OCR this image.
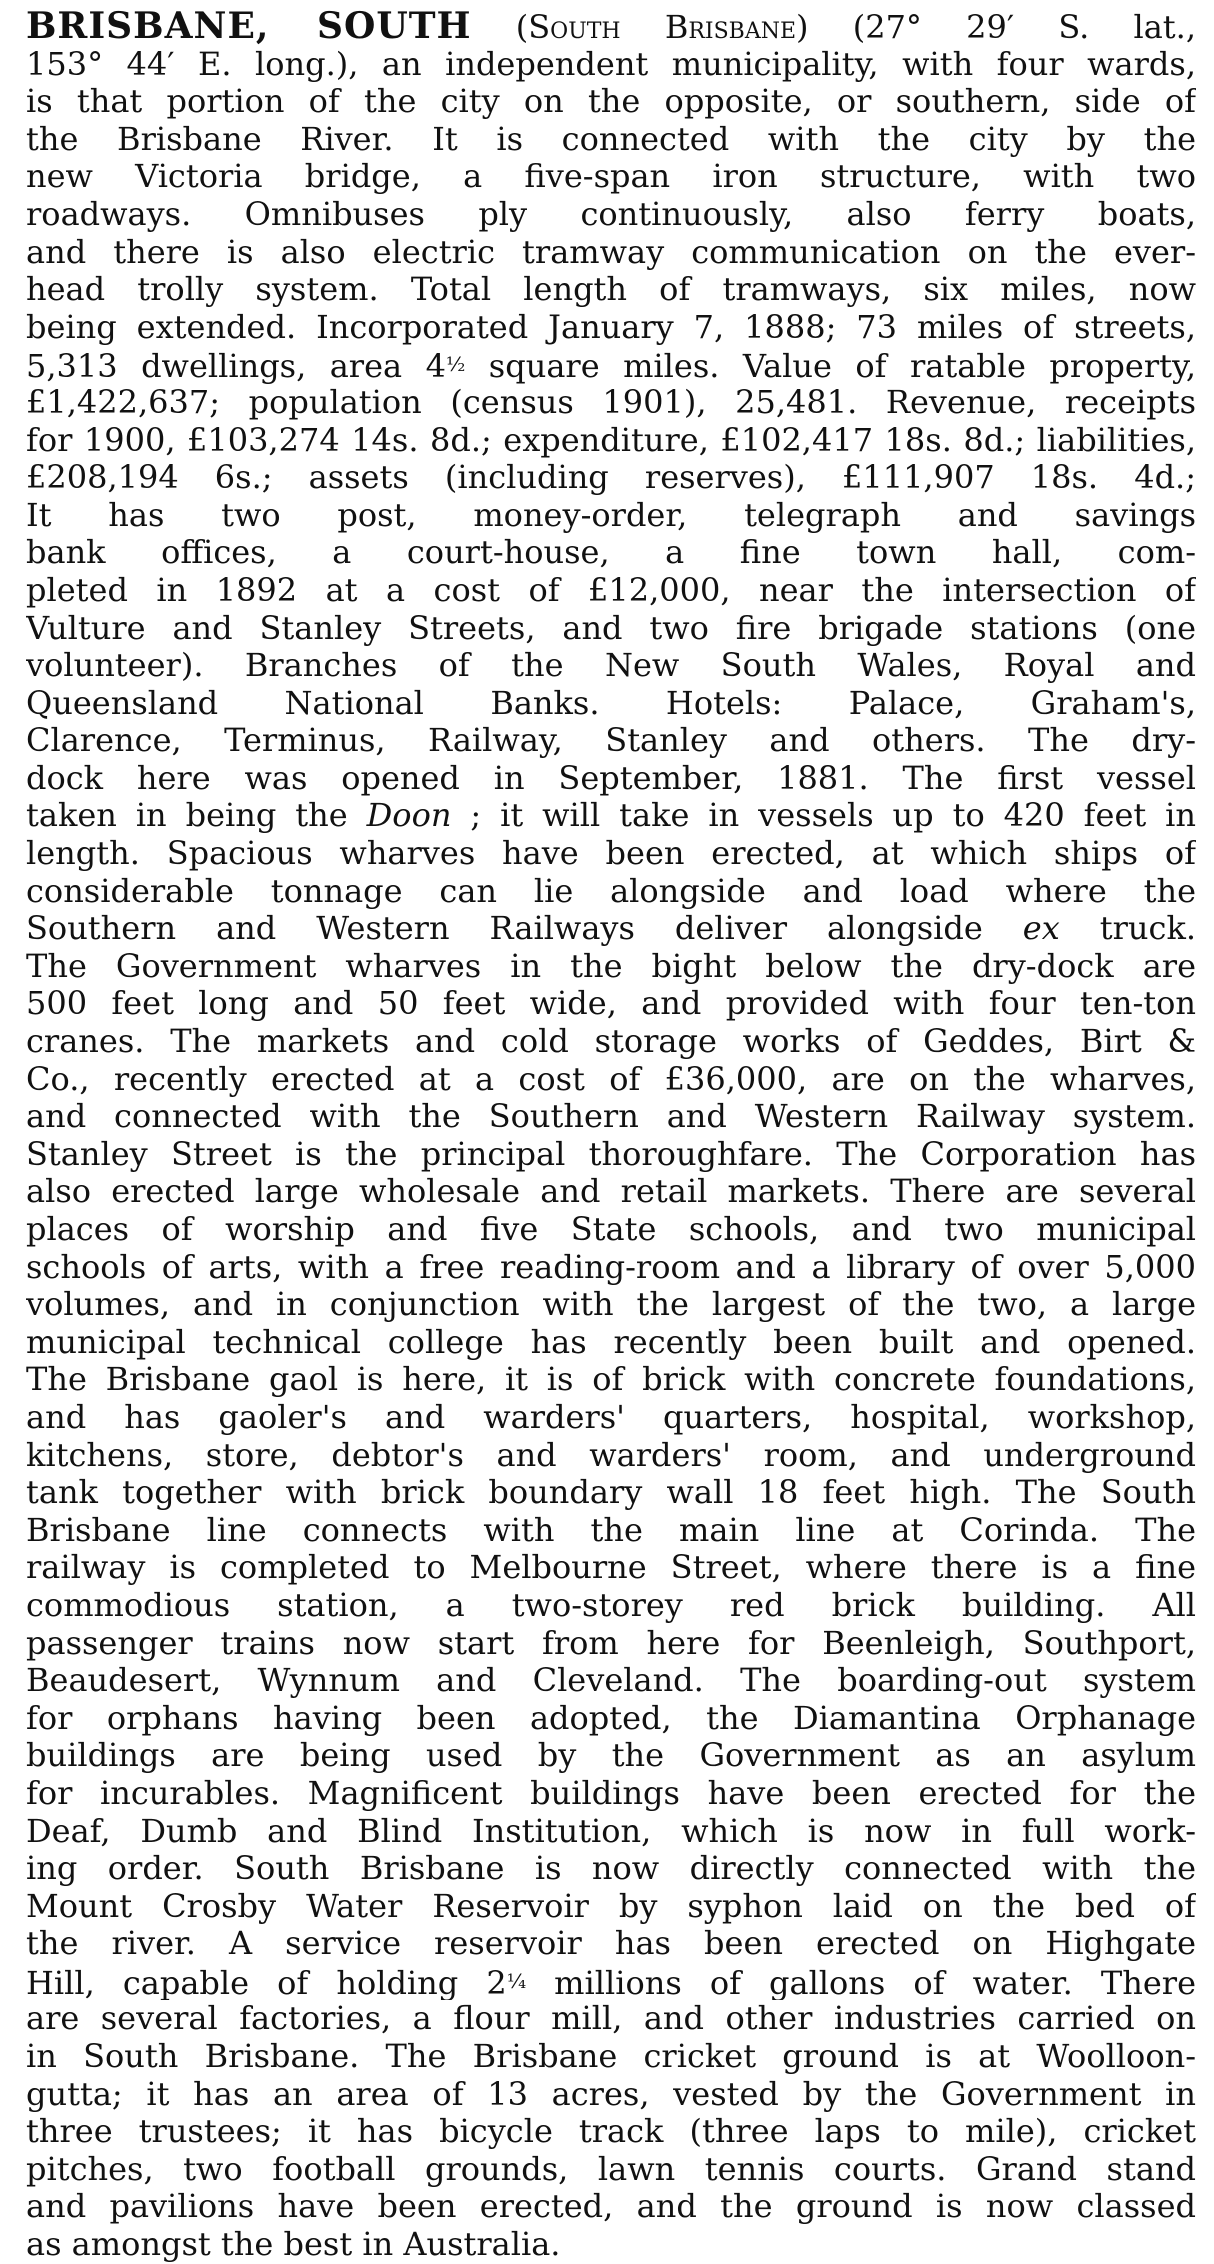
BRISBANE, SOUTH (South Brisbane) (27° 29′ S. lat.,
153° 44′ E. long.), an independent municipality, with four wards,
is that portion of the city on the opposite, or southern, side of
the Brisbane River. It is connected with the city by the
new Victoria bridge, a five-span iron structure, with two
roadways. Omnibuses ply continuously, also ferry boats,
and there is also electric tramway communication on the ever-
head trolly system. Total length of tramways, six miles, now
being extended. Incorporated January 7, 1888; 73 miles of streets,
5,313 dwellings, area 4½ square miles. Value of ratable property,
£1,422,637; population (census 1901), 25,481. Revenue, receipts
for 1900, £103,274 14s. 8d.; expenditure, £102,417 18s. 8d.; liabilities,
£208,194 6s.; assets (including reserves), £111,907 18s. 4d.;
It has two post, money-order, telegraph and savings
bank offices, a court-house, a fine town hall, com-
pleted in 1892 at a cost of £12,000, near the intersection of
Vulture and Stanley Streets, and two fire brigade stations (one
volunteer). Branches of the New South Wales, Royal and
Queensland National Banks. Hotels: Palace, Graham's,
Clarence, Terminus, Railway, Stanley and others. The dry-
dock here was opened in September, 1881. The first vessel
taken in being the Doon ; it will take in vessels up to 420 feet in
length. Spacious wharves have been erected, at which ships of
considerable tonnage can lie alongside and load where the
Southern and Western Railways deliver alongside ex truck.
The Government wharves in the bight below the dry-dock are
500 feet long and 50 feet wide, and provided with four ten-ton
cranes. The markets and cold storage works of Geddes, Birt &
Co., recently erected at a cost of £36,000, are on the wharves,
and connected with the Southern and Western Railway system.
Stanley Street is the principal thoroughfare. The Corporation has
also erected large wholesale and retail markets. There are several
places of worship and five State schools, and two municipal
schools of arts, with a free reading-room and a library of over 5,000
volumes, and in conjunction with the largest of the two, a large
municipal technical college has recently been built and opened.
The Brisbane gaol is here, it is of brick with concrete foundations,
and has gaoler's and warders' quarters, hospital, workshop,
kitchens, store, debtor's and warders' room, and underground
tank together with brick boundary wall 18 feet high. The South
Brisbane line connects with the main line at Corinda. The
railway is completed to Melbourne Street, where there is a fine
commodious station, a two-storey red brick building. All
passenger trains now start from here for Beenleigh, Southport,
Beaudesert, Wynnum and Cleveland. The boarding-out system
for orphans having been adopted, the Diamantina Orphanage
buildings are being used by the Government as an asylum
for incurables. Magnificent buildings have been erected for the
Deaf, Dumb and Blind Institution, which is now in full work-
ing order. South Brisbane is now directly connected with the
Mount Crosby Water Reservoir by syphon laid on the bed of
the river. A service reservoir has been erected on Highgate
Hill, capable of holding 2¼ millions of gallons of water. There
are several factories, a flour mill, and other industries carried on
in South Brisbane. The Brisbane cricket ground is at Woolloon-
gutta; it has an area of 13 acres, vested by the Government in
three trustees; it has bicycle track (three laps to mile), cricket
pitches, two football grounds, lawn tennis courts. Grand stand
and pavilions have been erected, and the ground is now classed
as amongst the best in Australia.
